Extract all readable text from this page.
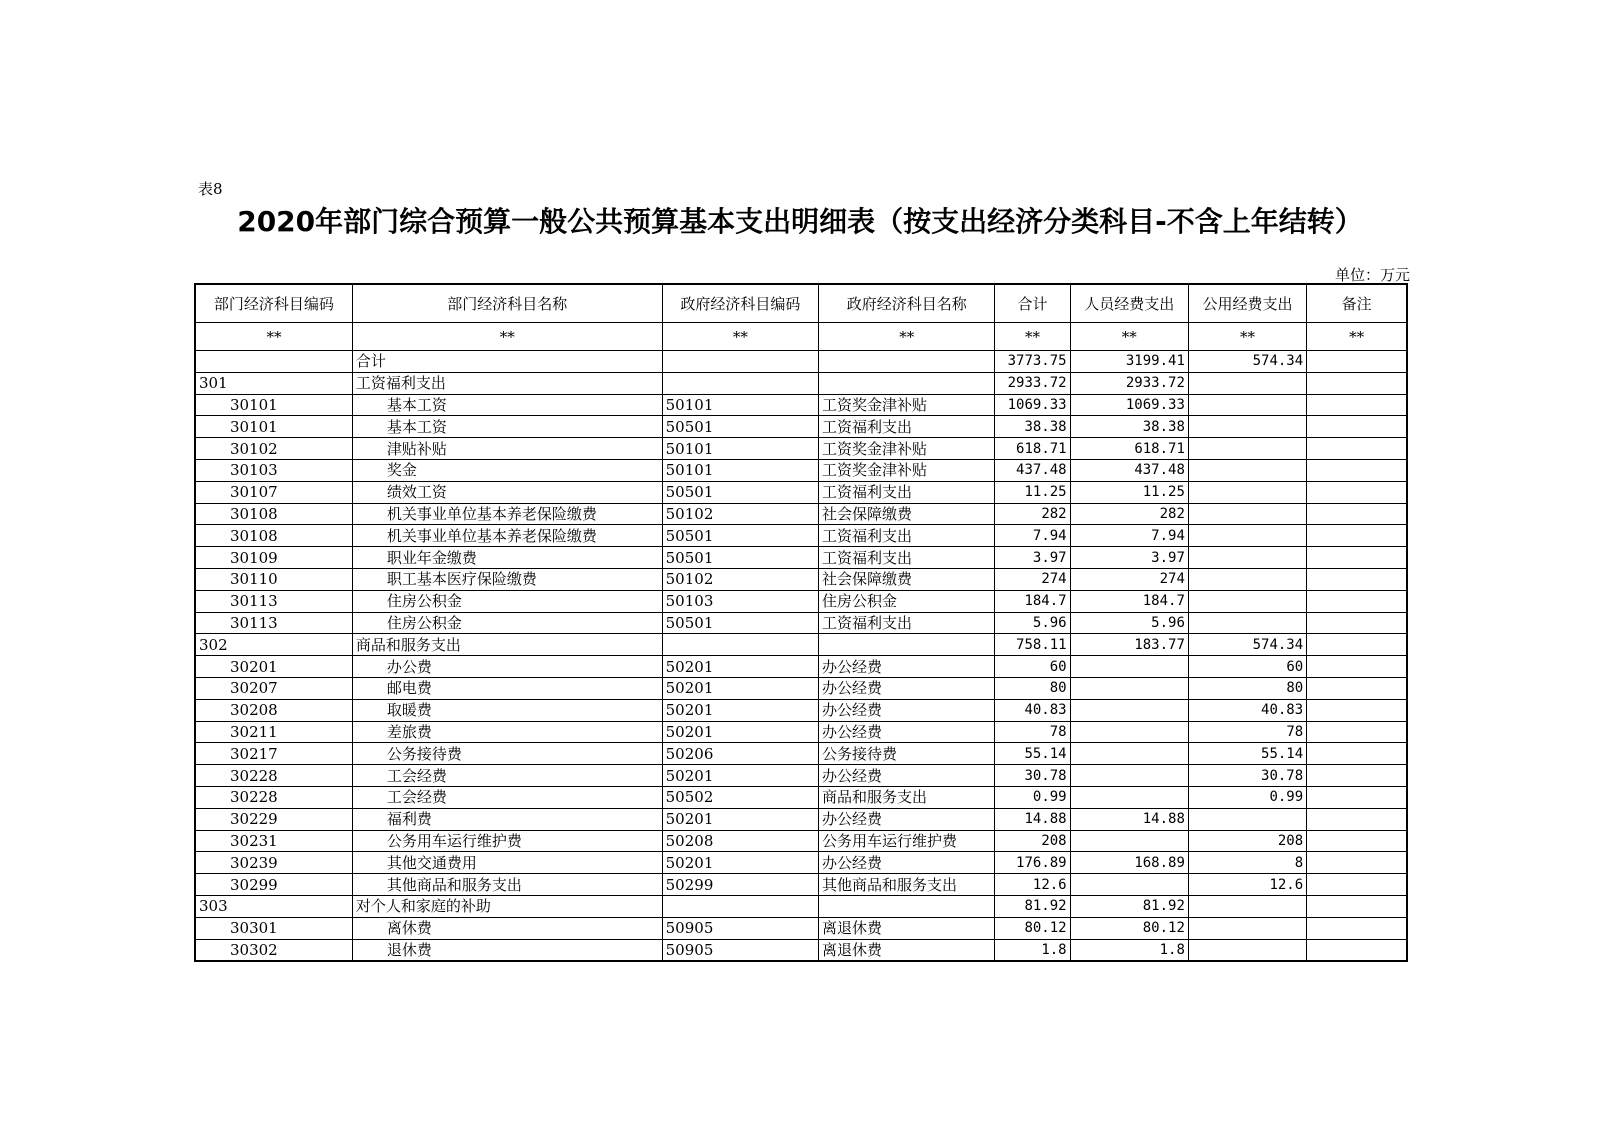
表8
2020年部门综合预算一般公共预算基本支出明细表（按支出经济分类科目-不含上年结转）
单位：万元
部门经济科目编码	部门经济科目名称	政府经济科目编码	政府经济科目名称	合计	人员经费支出	公用经费支出	备注
**	**	**	**	**	**	**	**
	合计			3773.75	3199.41	574.34	
301	工资福利支出			2933.72	2933.72		
30101	基本工资	50101	工资奖金津补贴	1069.33	1069.33		
30101	基本工资	50501	工资福利支出	38.38	38.38		
30102	津贴补贴	50101	工资奖金津补贴	618.71	618.71		
30103	奖金	50101	工资奖金津补贴	437.48	437.48		
30107	绩效工资	50501	工资福利支出	11.25	11.25		
30108	机关事业单位基本养老保险缴费	50102	社会保障缴费	282	282		
30108	机关事业单位基本养老保险缴费	50501	工资福利支出	7.94	7.94		
30109	职业年金缴费	50501	工资福利支出	3.97	3.97		
30110	职工基本医疗保险缴费	50102	社会保障缴费	274	274		
30113	住房公积金	50103	住房公积金	184.7	184.7		
30113	住房公积金	50501	工资福利支出	5.96	5.96		
302	商品和服务支出			758.11	183.77	574.34	
30201	办公费	50201	办公经费	60		60	
30207	邮电费	50201	办公经费	80		80	
30208	取暖费	50201	办公经费	40.83		40.83	
30211	差旅费	50201	办公经费	78		78	
30217	公务接待费	50206	公务接待费	55.14		55.14	
30228	工会经费	50201	办公经费	30.78		30.78	
30228	工会经费	50502	商品和服务支出	0.99		0.99	
30229	福利费	50201	办公经费	14.88	14.88		
30231	公务用车运行维护费	50208	公务用车运行维护费	208		208	
30239	其他交通费用	50201	办公经费	176.89	168.89	8	
30299	其他商品和服务支出	50299	其他商品和服务支出	12.6		12.6	
303	对个人和家庭的补助			81.92	81.92		
30301	离休费	50905	离退休费	80.12	80.12		
30302	退休费	50905	离退休费	1.8	1.8		
